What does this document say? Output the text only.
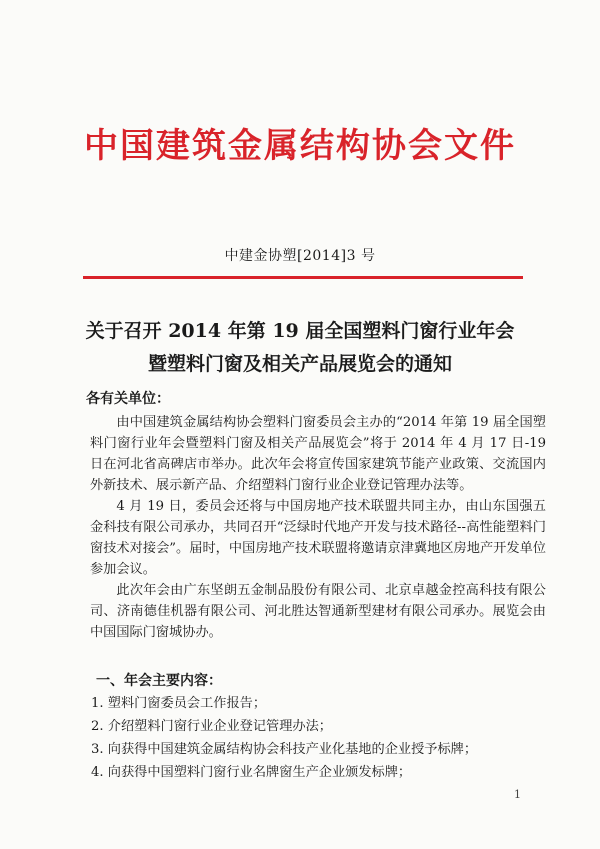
中国建筑金属结构协会文件
中建金协塑[2014]3 号
关于召开 2014 年第 19 届全国塑料门窗行业年会
暨塑料门窗及相关产品展览会的通知
各有关单位：

由中国建筑金属结构协会塑料门窗委员会主办的“2014 年第 19 届全国塑料门窗行业年会暨塑料门窗及相关产品展览会”将于 2014 年 4 月 17 日-19 日在河北省高碑店市举办。此次年会将宣传国家建筑节能产业政策、交流国内外新技术、展示新产品、介绍塑料门窗行业企业登记管理办法等。

4 月 19 日，委员会还将与中国房地产技术联盟共同主办，由山东国强五金科技有限公司承办，共同召开“泛绿时代地产开发与技术路径--高性能塑料门窗技术对接会”。届时，中国房地产技术联盟将邀请京津冀地区房地产开发单位参加会议。

此次年会由广东坚朗五金制品股份有限公司、北京卓越金控高科技有限公司、济南德佳机器有限公司、河北胜达智通新型建材有限公司承办。展览会由中国国际门窗城协办。

一、年会主要内容：
1. 塑料门窗委员会工作报告；
2. 介绍塑料门窗行业企业登记管理办法；
3. 向获得中国建筑金属结构协会科技产业化基地的企业授予标牌；
4. 向获得中国塑料门窗行业名牌窗生产企业颁发标牌；
1
